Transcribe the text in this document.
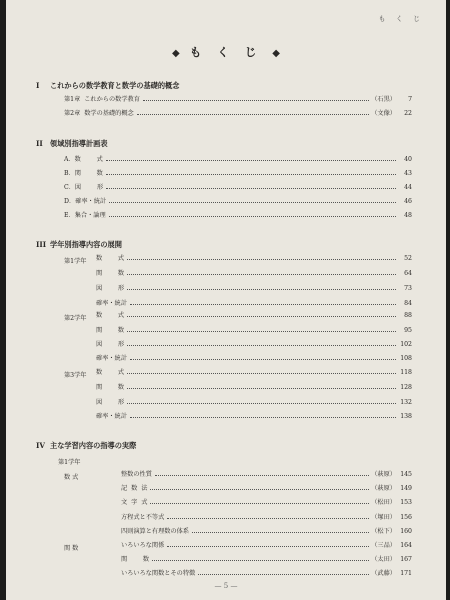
も く じ
◆ も く じ ◆
I これからの数学教育と数学の基礎的概念
第1章  これからの数学教育	（石黒）	7
第2章  数学の基礎的概念	（文像）	22
II 領域別指導計画表
A．数        式	40
B．関        数	43
C．図        形	44
D．確率・統計	46
E．集合・論理	48
III 学年別指導内容の展開
第1学年 数        式	52
関        数	64
図        形	73
確率・統計	84
第2学年 数        式	88
関        数	95
図        形	102
確率・統計	108
第3学年 数        式	118
関        数	128
図        形	132
確率・統計	138
IV 主な学習内容の指導の実際
第1学年
数 式	整数の性質	（萩原） 145
記  数  法	（萩原） 149
文  字  式	（松田） 153
方程式と不等式	（塚田） 156
四則演算と有理数の体系	（松下） 160
関 数	いろいろな関係	（三品） 164
関        数	（太田） 167
いろいろな関数とその特徴	（武藤） 171
— 5 —
